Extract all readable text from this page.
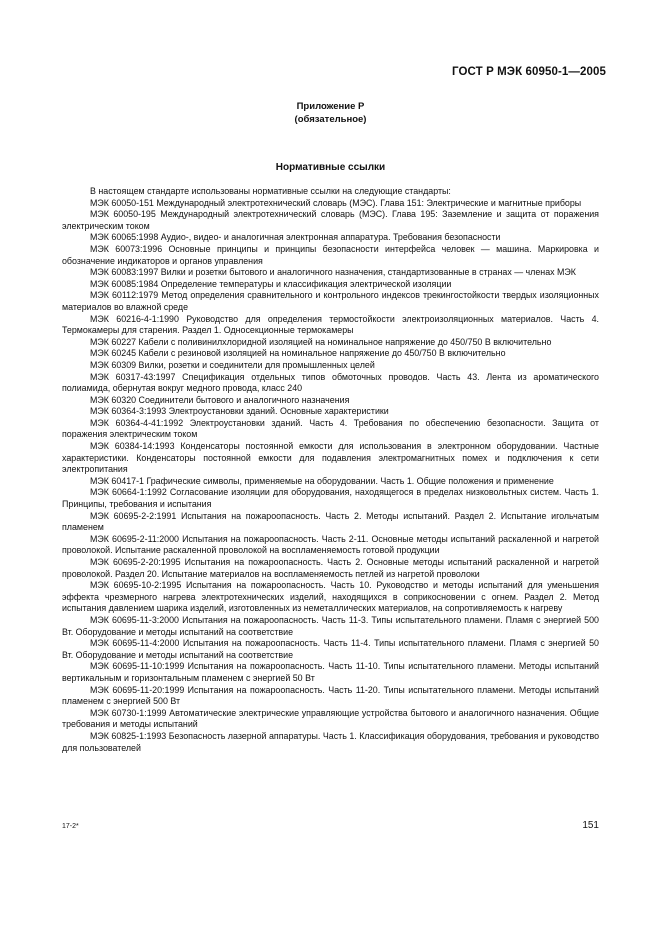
ГОСТ Р МЭК 60950-1—2005
Приложение Р
(обязательное)
Нормативные ссылки

В настоящем стандарте использованы нормативные ссылки на следующие стандарты:

МЭК 60050-151 Международный электротехнический словарь (МЭС). Глава 151: Электрические и магнитные приборы

МЭК 60050-195 Международный электротехнический словарь (МЭС). Глава 195: Заземление и защита от поражения электрическим током

МЭК 60065:1998 Аудио-, видео- и аналогичная электронная аппаратура. Требования безопасности

МЭК 60073:1996 Основные принципы и принципы безопасности интерфейса человек — машина. Маркировка и обозначение индикаторов и органов управления

МЭК 60083:1997 Вилки и розетки бытового и аналогичного назначения, стандартизованные в странах — членах МЭК

МЭК 60085:1984 Определение температуры и классификация электрической изоляции

МЭК 60112:1979 Метод определения сравнительного и контрольного индексов трекингостойкости твердых изоляционных материалов во влажной среде

МЭК 60216-4-1:1990 Руководство для определения термостойкости электроизоляционных материалов. Часть 4. Термокамеры для старения. Раздел 1. Односекционные термокамеры

МЭК 60227 Кабели с поливинилхлоридной изоляцией на номинальное напряжение до 450/750 В включительно

МЭК 60245 Кабели с резиновой изоляцией на номинальное напряжение до 450/750 В включительно

МЭК 60309 Вилки, розетки и соединители для промышленных целей

МЭК 60317-43:1997 Спецификация отдельных типов обмоточных проводов. Часть 43. Лента из ароматического полиамида, обернутая вокруг медного провода, класс 240

МЭК 60320 Соединители бытового и аналогичного назначения

МЭК 60364-3:1993 Электроустановки зданий. Основные характеристики

МЭК 60364-4-41:1992 Электроустановки зданий. Часть 4. Требования по обеспечению безопасности. Защита от поражения электрическим током

МЭК 60384-14:1993 Конденсаторы постоянной емкости для использования в электронном оборудовании. Частные характеристики. Конденсаторы постоянной емкости для подавления электромагнитных помех и подключения к сети электропитания

МЭК 60417-1 Графические символы, применяемые на оборудовании. Часть 1. Общие положения и применение

МЭК 60664-1:1992 Согласование изоляции для оборудования, находящегося в пределах низковольтных систем. Часть 1. Принципы, требования и испытания

МЭК 60695-2-2:1991 Испытания на пожароопасность. Часть 2. Методы испытаний. Раздел 2. Испытание игольчатым пламенем

МЭК 60695-2-11:2000 Испытания на пожароопасность. Часть 2-11. Основные методы испытаний раскаленной и нагретой проволокой. Испытание раскаленной проволокой на воспламеняемость готовой продукции

МЭК 60695-2-20:1995 Испытания на пожароопасность. Часть 2. Основные методы испытаний раскаленной и нагретой проволокой. Раздел 20. Испытание материалов на воспламеняемость петлей из нагретой проволоки

МЭК 60695-10-2:1995 Испытания на пожароопасность. Часть 10. Руководство и методы испытаний для уменьшения эффекта чрезмерного нагрева электротехнических изделий, находящихся в соприкосновении с огнем. Раздел 2. Метод испытания давлением шарика изделий, изготовленных из неметаллических материалов, на сопротивляемость к нагреву

МЭК 60695-11-3:2000 Испытания на пожароопасность. Часть 11-3. Типы испытательного пламени. Пламя с энергией 500 Вт. Оборудование и методы испытаний на соответствие

МЭК 60695-11-4:2000 Испытания на пожароопасность. Часть 11-4. Типы испытательного пламени. Пламя с энергией 50 Вт. Оборудование и методы испытаний на соответствие

МЭК 60695-11-10:1999 Испытания на пожароопасность. Часть 11-10. Типы испытательного пламени. Методы испытаний вертикальным и горизонтальным пламенем с энергией 50 Вт

МЭК 60695-11-20:1999 Испытания на пожароопасность. Часть 11-20. Типы испытательного пламени. Методы испытаний пламенем с энергией 500 Вт

МЭК 60730-1:1999 Автоматические электрические управляющие устройства бытового и аналогичного назначения. Общие требования и методы испытаний

МЭК 60825-1:1993 Безопасность лазерной аппаратуры. Часть 1. Классификация оборудования, требования и руководство для пользователей

17-2*	151
